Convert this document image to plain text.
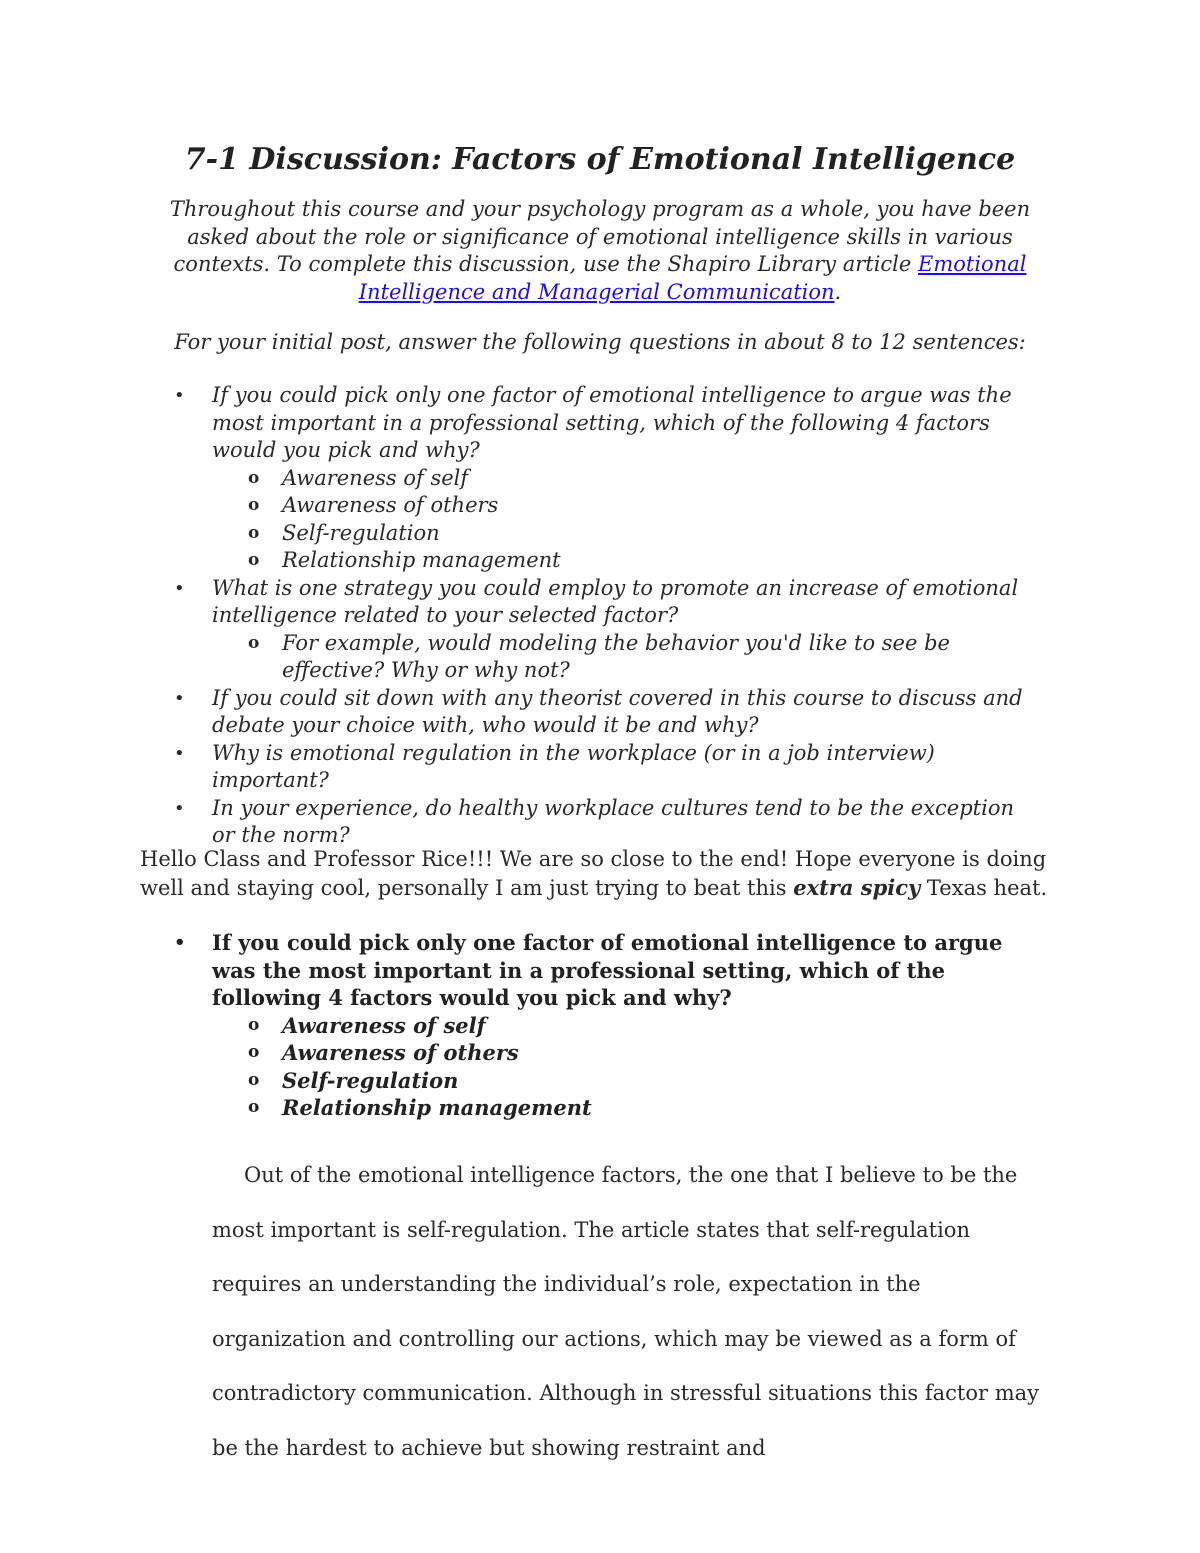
7-1 Discussion: Factors of Emotional Intelligence

Throughout this course and your psychology program as a whole, you have been asked about the role or significance of emotional intelligence skills in various contexts. To complete this discussion, use the Shapiro Library article Emotional Intelligence and Managerial Communication.

For your initial post, answer the following questions in about 8 to 12 sentences:

• If you could pick only one factor of emotional intelligence to argue was the most important in a professional setting, which of the following 4 factors would you pick and why?
o Awareness of self
o Awareness of others
o Self-regulation
o Relationship management
• What is one strategy you could employ to promote an increase of emotional intelligence related to your selected factor?
o For example, would modeling the behavior you'd like to see be effective? Why or why not?
• If you could sit down with any theorist covered in this course to discuss and debate your choice with, who would it be and why?
• Why is emotional regulation in the workplace (or in a job interview) important?
• In your experience, do healthy workplace cultures tend to be the exception or the norm?

Hello Class and Professor Rice!!! We are so close to the end! Hope everyone is doing well and staying cool, personally I am just trying to beat this extra spicy Texas heat.

• If you could pick only one factor of emotional intelligence to argue was the most important in a professional setting, which of the following 4 factors would you pick and why?
o Awareness of self
o Awareness of others
o Self-regulation
o Relationship management

Out of the emotional intelligence factors, the one that I believe to be the most important is self-regulation. The article states that self-regulation requires an understanding the individual’s role, expectation in the organization and controlling our actions, which may be viewed as a form of contradictory communication. Although in stressful situations this factor may be the hardest to achieve but showing restraint and
